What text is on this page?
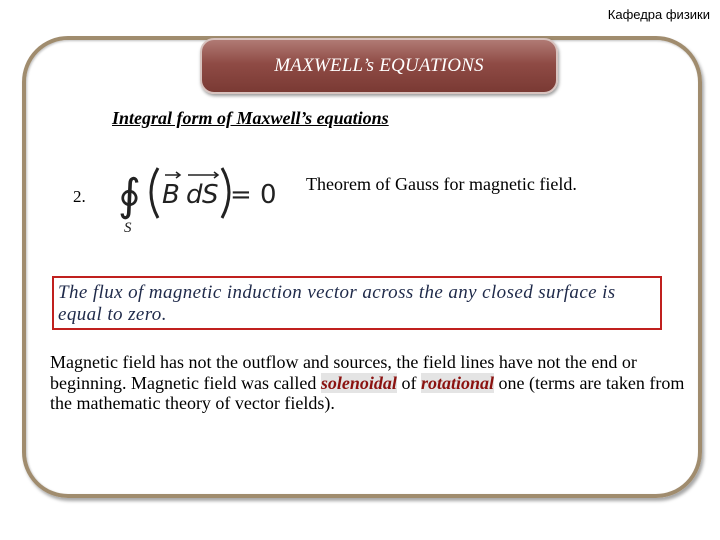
Кафедра физики
MAXWELL’s EQUATIONS
Integral form of Maxwell’s equations
2. ∮
S
B d S = 0 Theorem of Gauss for magnetic field.
The flux of magnetic induction vector across the any closed surface is equal to zero.
Magnetic field has not the outflow and sources, the field lines have not the end or beginning. Magnetic field was called solenoidal of rotational one (terms are taken from the mathematic theory of vector fields).
